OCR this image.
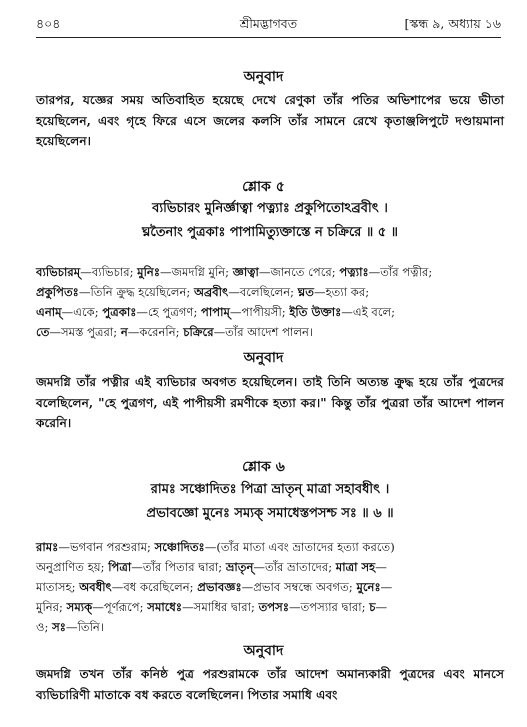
৪০৪	শ্রীমদ্ভাগবত	[স্কন্ধ ৯, অধ্যায় ১৬
অনুবাদ
তারপর, যজ্ঞের সময় অতিবাহিত হয়েছে দেখে রেণুকা তাঁর পতির অভিশাপের ভয়ে ভীতা হয়েছিলেন, এবং গৃহে ফিরে এসে জলের কলসি তাঁর সামনে রেখে কৃতাঞ্জলিপুটে দণ্ডায়মানা হয়েছিলেন।
শ্লোক ৫
ব্যভিচারং মুনির্জ্ঞাত্বা পত্ন্যাঃ প্রকুপিতোঽব্রবীৎ ।
ঘ্নতৈনাং পুত্রকাঃ পাপামিত্যুক্তাস্তে ন চক্রিরে ॥ ৫ ॥
ব্যভিচারম্—ব্যভিচার; মুনিঃ—জমদগ্নি মুনি; জ্ঞাত্বা—জানতে পেরে; পত্ন্যাঃ—তাঁর পত্নীর;
প্রকুপিতঃ—তিনি ক্রুদ্ধ হয়েছিলেন; অব্রবীৎ—বলেছিলেন; ঘ্নত—হত্যা কর;
এনাম্—একে; পুত্রকাঃ—হে পুত্রগণ; পাপাম্—পাপীয়সী; ইতি উক্তাঃ—এই বলে;
তে—সমস্ত পুত্ররা; ন—করেননি; চক্রিরে—তাঁর আদেশ পালন।
অনুবাদ
জমদগ্নি তাঁর পত্নীর এই ব্যভিচার অবগত হয়েছিলেন। তাই তিনি অত্যন্ত ক্রুদ্ধ হয়ে তাঁর পুত্রদের বলেছিলেন, "হে পুত্রগণ, এই পাপীয়সী রমণীকে হত্যা কর।" কিন্তু তাঁর পুত্ররা তাঁর আদেশ পালন করেনি।
শ্লোক ৬
রামঃ সঞ্চোদিতঃ পিত্রা ভ্রাতৃন্ মাত্রা সহাবধীৎ ।
প্রভাবজ্ঞো মুনেঃ সম্যক্ সমাধেস্তপসশ্চ সঃ ॥ ৬ ॥
রামঃ—ভগবান পরশুরাম; সঞ্চোদিতঃ—(তাঁর মাতা এবং ভ্রাতাদের হত্যা করতে)
অনুপ্রাণিত হয়; পিত্রা—তাঁর পিতার দ্বারা; ভ্রাতৃন্—তাঁর ভ্রাতাদের; মাত্রা সহ—
মাতাসহ; অবধীৎ—বধ করেছিলেন; প্রভাবজ্ঞঃ—প্রভাব সম্বন্ধে অবগত; মুনেঃ—
মুনির; সম্যক্—পূর্ণরূপে; সমাধেঃ—সমাধির দ্বারা; তপসঃ—তপস্যার দ্বারা; চ—
ও; সঃ—তিনি।
অনুবাদ
জমদগ্নি তখন তাঁর কনিষ্ঠ পুত্র পরশুরামকে তাঁর আদেশ অমান্যকারী পুত্রদের এবং মানসে ব্যভিচারিণী মাতাকে বধ করতে বলেছিলেন। পিতার সমাধি এবং
